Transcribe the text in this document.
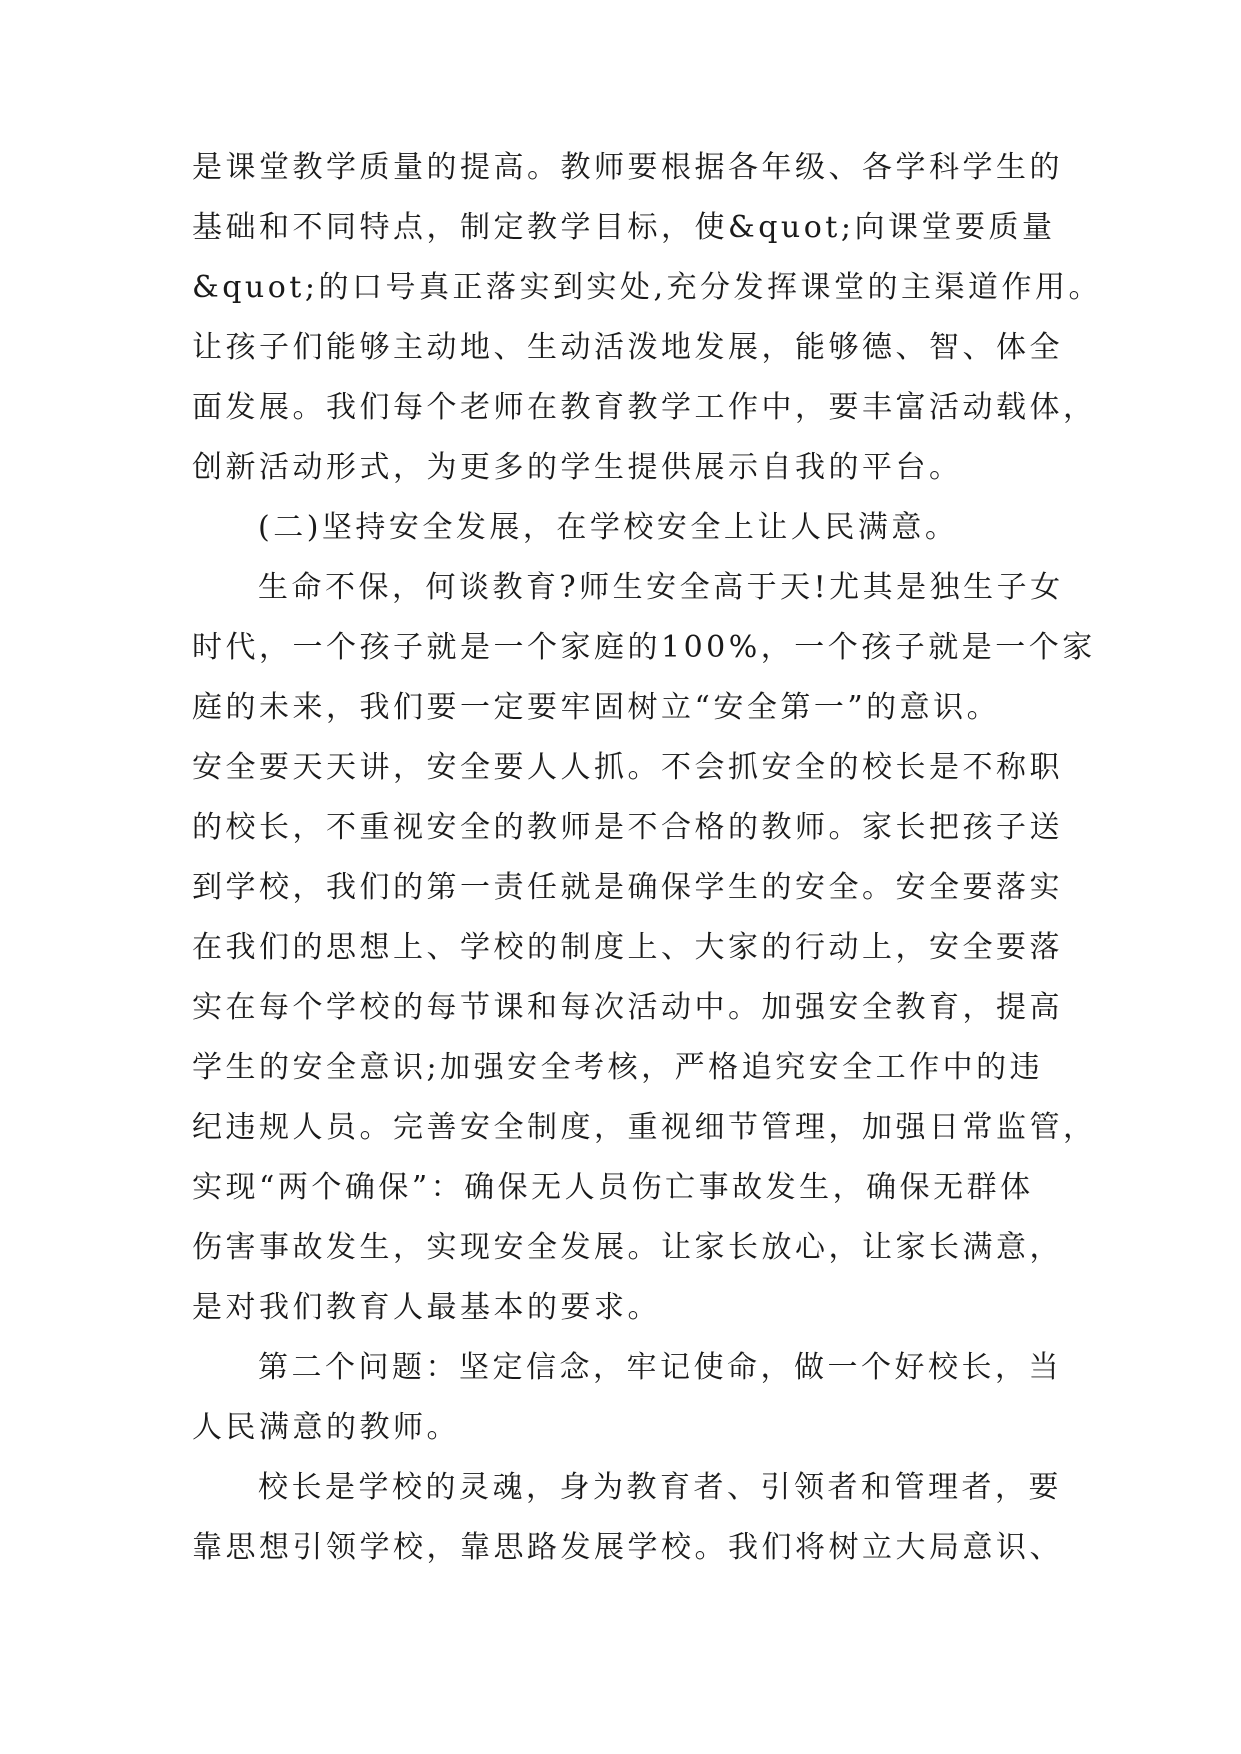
是课堂教学质量的提高。教师要根据各年级、各学科学生的
基础和不同特点，制定教学目标，使&quot;向课堂要质量
&quot;的口号真正落实到实处,充分发挥课堂的主渠道作用。
让孩子们能够主动地、生动活泼地发展，能够德、智、体全
面发展。我们每个老师在教育教学工作中，要丰富活动载体，
创新活动形式，为更多的学生提供展示自我的平台。
(二)坚持安全发展，在学校安全上让人民满意。
生命不保，何谈教育?师生安全高于天!尤其是独生子女
时代，一个孩子就是一个家庭的100%，一个孩子就是一个家
庭的未来，我们要一定要牢固树立“安全第一”的意识。
安全要天天讲，安全要人人抓。不会抓安全的校长是不称职
的校长，不重视安全的教师是不合格的教师。家长把孩子送
到学校，我们的第一责任就是确保学生的安全。安全要落实
在我们的思想上、学校的制度上、大家的行动上，安全要落
实在每个学校的每节课和每次活动中。加强安全教育，提高
学生的安全意识;加强安全考核，严格追究安全工作中的违
纪违规人员。完善安全制度，重视细节管理，加强日常监管，
实现“两个确保”：确保无人员伤亡事故发生，确保无群体
伤害事故发生，实现安全发展。让家长放心，让家长满意，
是对我们教育人最基本的要求。
第二个问题：坚定信念，牢记使命，做一个好校长，当
人民满意的教师。
校长是学校的灵魂，身为教育者、引领者和管理者，要
靠思想引领学校，靠思路发展学校。我们将树立大局意识、
